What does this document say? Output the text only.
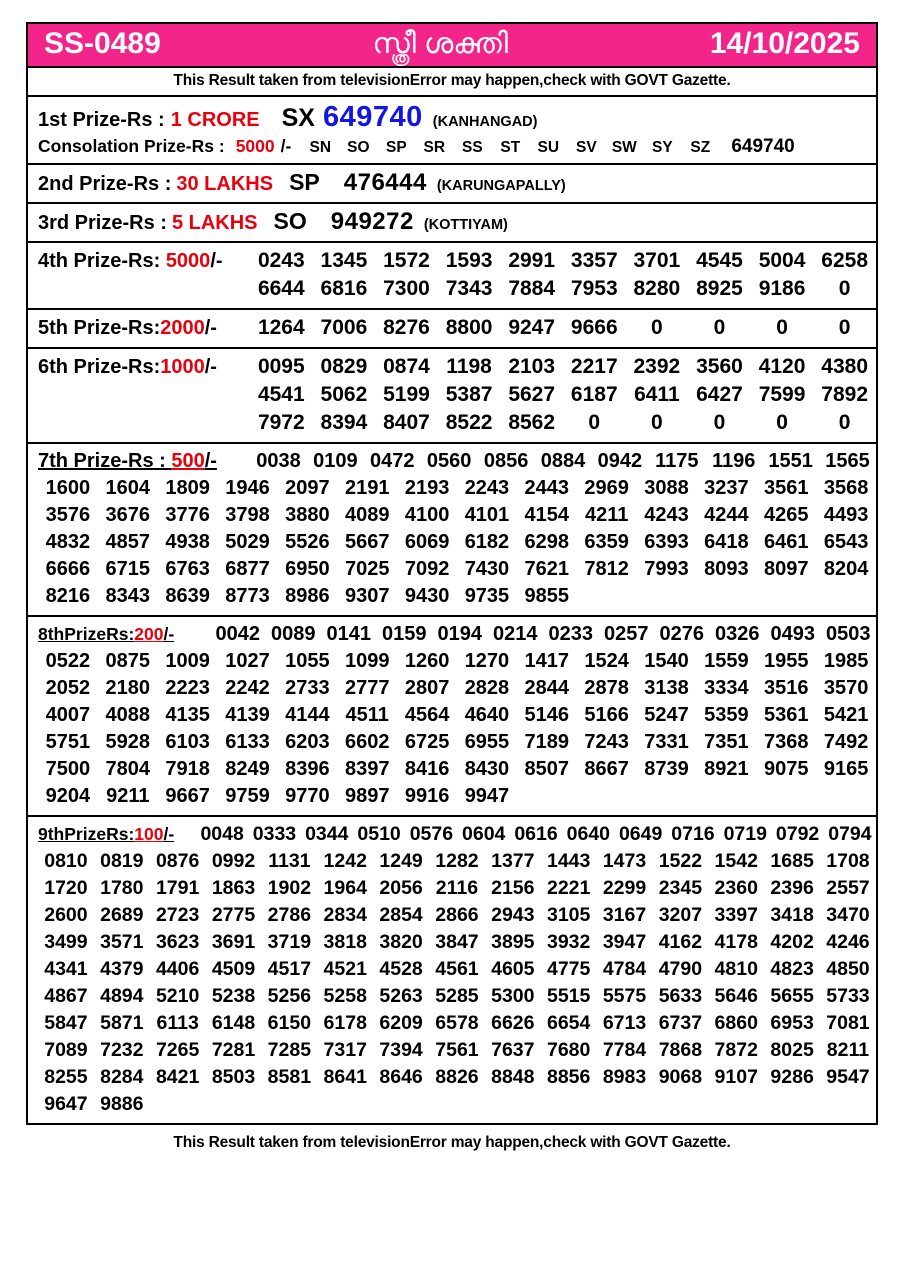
SS-0489	സ്ത്രീ ശക്തി	14/10/2025
This Result taken from televisionError may happen,check with GOVT Gazette.
1st Prize-Rs : 1 CRORE SX 649740 (KANHANGAD)
Consolation Prize-Rs : 5000 /-	SN SO SP SR SS ST SU SV SW SY SZ	649740
2nd Prize-Rs : 30 LAKHS SP 476444 (KARUNGAPALLY)
3rd Prize-Rs : 5 LAKHS SO 949272 (KOTTIYAM)
4th Prize-Rs: 5000/-	0243 1345 1572 1593 2991 3357 3701 4545 5004 6258
6644 6816 7300 7343 7884 7953 8280 8925 9186	0
5th Prize-Rs:2000/-	1264 7006 8276 8800 9247 9666	0	0	0	0
6th Prize-Rs:1000/-	0095 0829 0874 1198 2103 2217 2392 3560 4120 4380
4541 5062 5199 5387 5627 6187 6411 6427 7599 7892
7972 8394 8407 8522 8562	0	0	0	0	0
7th Prize-Rs : 500/-	0038 0109 0472 0560 0856 0884 0942 1175 1196 1551 1565
1600 1604 1809 1946 2097 2191 2193 2243 2443 2969 3088 3237 3561 3568
3576 3676 3776 3798 3880 4089 4100 4101 4154 4211 4243 4244 4265 4493
4832 4857 4938 5029 5526 5667 6069 6182 6298 6359 6393 6418 6461 6543
6666 6715 6763 6877 6950 7025 7092 7430 7621 7812 7993 8093 8097 8204
8216 8343 8639 8773 8986 9307 9430 9735 9855
8thPrizeRs:200/-	0042 0089 0141 0159 0194 0214 0233 0257 0276 0326 0493 0503
0522 0875 1009 1027 1055 1099 1260 1270 1417 1524 1540 1559 1955 1985
2052 2180 2223 2242 2733 2777 2807 2828 2844 2878 3138 3334 3516 3570
4007 4088 4135 4139 4144 4511 4564 4640 5146 5166 5247 5359 5361 5421
5751 5928 6103 6133 6203 6602 6725 6955 7189 7243 7331 7351 7368 7492
7500 7804 7918 8249 8396 8397 8416 8430 8507 8667 8739 8921 9075 9165
9204 9211 9667 9759 9770 9897 9916 9947
9thPrizeRs:100/-	0048 0333 0344 0510 0576 0604 0616 0640 0649 0716 0719 0792 0794
0810 0819 0876 0992 1131 1242 1249 1282 1377 1443 1473 1522 1542 1685 1708
1720 1780 1791 1863 1902 1964 2056 2116 2156 2221 2299 2345 2360 2396 2557
2600 2689 2723 2775 2786 2834 2854 2866 2943 3105 3167 3207 3397 3418 3470
3499 3571 3623 3691 3719 3818 3820 3847 3895 3932 3947 4162 4178 4202 4246
4341 4379 4406 4509 4517 4521 4528 4561 4605 4775 4784 4790 4810 4823 4850
4867 4894 5210 5238 5256 5258 5263 5285 5300 5515 5575 5633 5646 5655 5733
5847 5871 6113 6148 6150 6178 6209 6578 6626 6654 6713 6737 6860 6953 7081
7089 7232 7265 7281 7285 7317 7394 7561 7637 7680 7784 7868 7872 8025 8211
8255 8284 8421 8503 8581 8641 8646 8826 8848 8856 8983 9068 9107 9286 9547
9647 9886
This Result taken from televisionError may happen,check with GOVT Gazette.
